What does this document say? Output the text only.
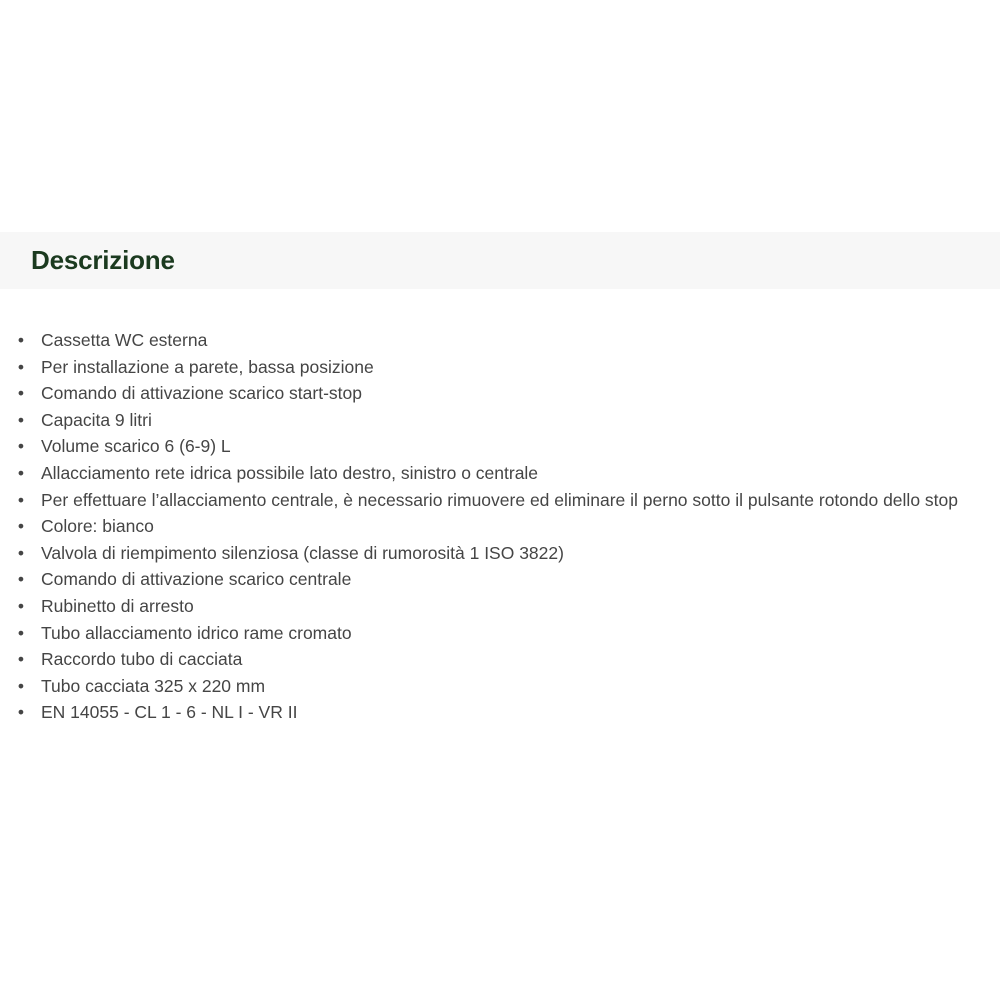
Descrizione
• Cassetta WC esterna
• Per installazione a parete, bassa posizione
• Comando di attivazione scarico start-stop
• Capacita 9 litri
• Volume scarico 6 (6-9) L
• Allacciamento rete idrica possibile lato destro, sinistro o centrale
• Per effettuare l’allacciamento centrale, è necessario rimuovere ed eliminare il perno sotto il pulsante rotondo dello stop
• Colore: bianco
• Valvola di riempimento silenziosa (classe di rumorosità 1 ISO 3822)
• Comando di attivazione scarico centrale
• Rubinetto di arresto
• Tubo allacciamento idrico rame cromato
• Raccordo tubo di cacciata
• Tubo cacciata 325 x 220 mm
• EN 14055 - CL 1 - 6 - NL I - VR II
